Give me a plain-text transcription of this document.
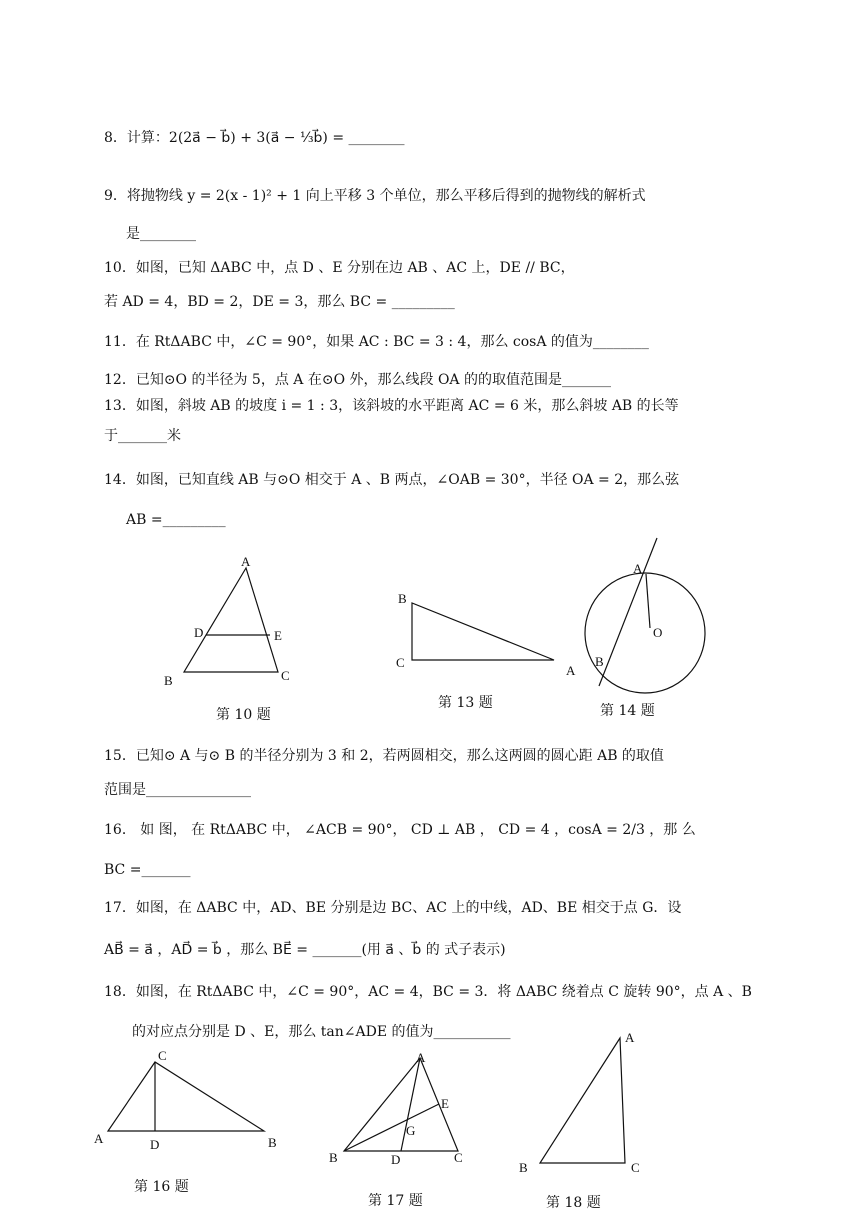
8．计算：2(2a⃗ − b⃗) + 3(a⃗ − ⅓b⃗) = ________
9．将抛物线 y = 2(x - 1)² + 1 向上平移 3 个单位，那么平移后得到的抛物线的解析式
是________
10．如图，已知 ΔABC 中，点 D 、E 分别在边 AB 、AC 上，DE // BC，
若 AD = 4，BD = 2，DE = 3，那么 BC = _________
11．在 RtΔABC 中，∠C = 90°，如果 AC : BC = 3 : 4，那么 cosA 的值为________
12．已知⊙O 的半径为 5，点 A 在⊙O 外，那么线段 OA 的的取值范围是_______
13．如图，斜坡 AB 的坡度 i = 1 : 3，该斜坡的水平距离 AC = 6 米，那么斜坡 AB 的长等
于_______米
14．如图，已知直线 AB 与⊙O 相交于 A 、B 两点，∠OAB = 30°，半径 OA = 2，那么弦
AB =_________
A
B	C
D	E
第 10 题
B
C
A
第 13 题
A
B
O
第 14 题
15．已知⊙ A 与⊙ B 的半径分别为 3 和 2，若两圆相交，那么这两圆的圆心距 AB 的取值
范围是_______________
16． 如 图， 在 RtΔABC 中， ∠ACB = 90°， CD ⊥ AB ， CD = 4 ，cosA = 2/3 ，那 么
BC =_______
17．如图，在 ΔABC 中，AD、BE 分别是边 BC、AC 上的中线，AD、BE 相交于点 G．设
AB⃗ = a⃗ ，AD⃗ = b⃗ ，那么 BE⃗ = _______(用 a⃗ 、b⃗ 的 式子表示)
18．如图，在 RtΔABC 中，∠C = 90°，AC = 4，BC = 3．将 ΔABC 绕着点 C 旋转 90°，点 A 、B
的对应点分别是 D 、E，那么 tan∠ADE 的值为___________
C
A	D	B
第 16 题
A
B	D	C
E
G
第 17 题
A
B	C
第 18 题
